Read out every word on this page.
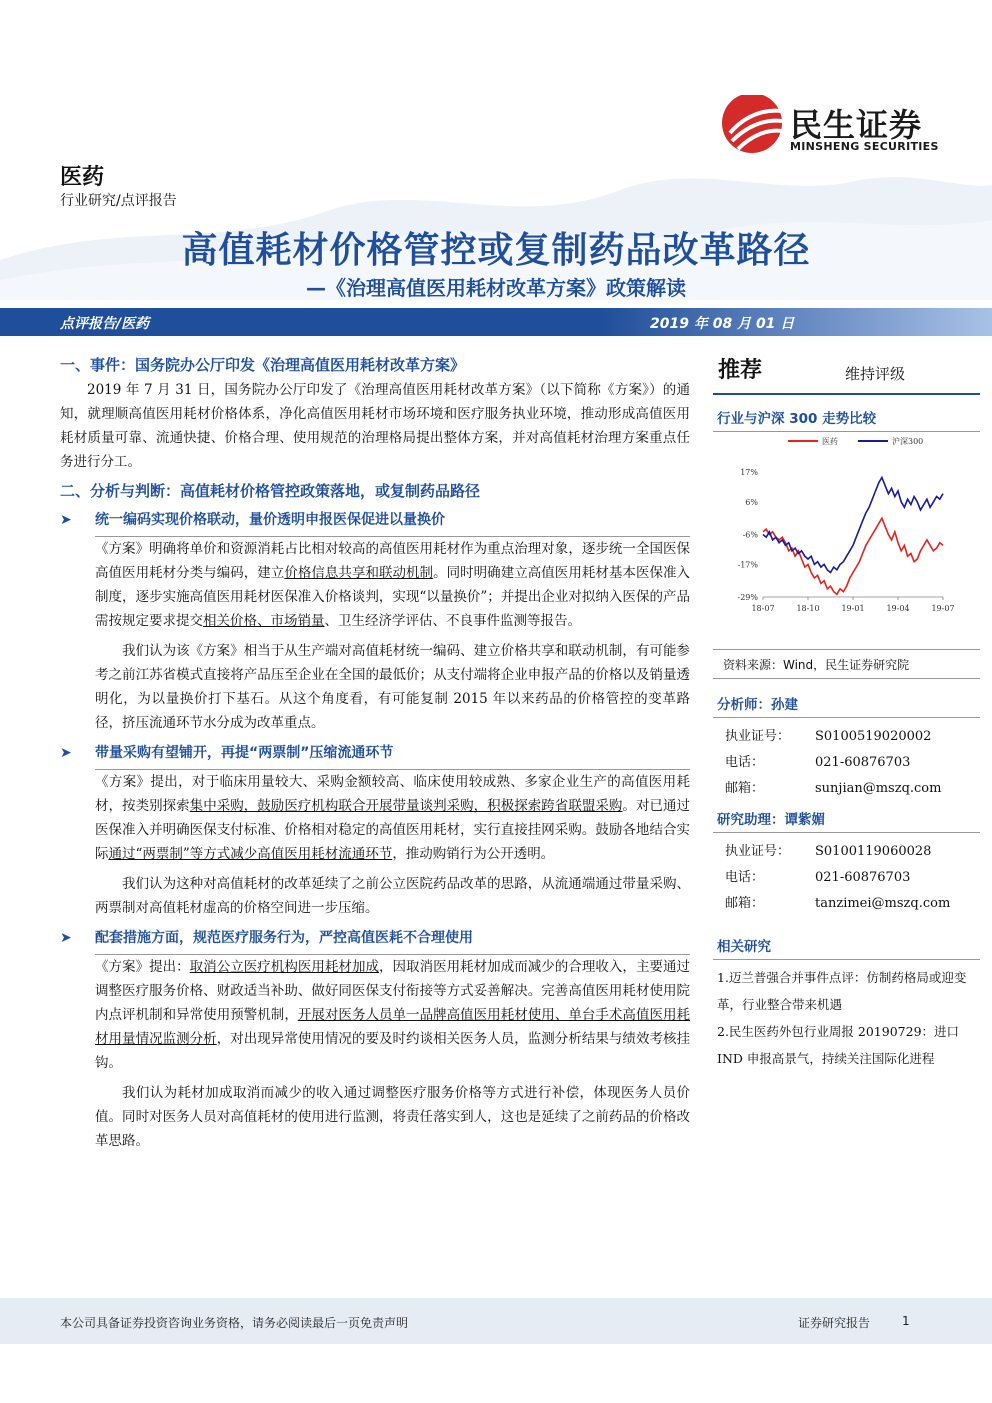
民生证券
MINSHENG SECURITIES
医药
行业研究/点评报告
高值耗材价格管控或复制药品改革路径
—《治理高值医用耗材改革方案》政策解读
点评报告/医药	2019 年 08 月 01 日
一、事件：国务院办公厅印发《治理高值医用耗材改革方案》
2019 年 7 月 31 日，国务院办公厅印发了《治理高值医用耗材改革方案》（以下简称《方案》）的通知，就理顺高值医用耗材价格体系，净化高值医用耗材市场环境和医疗服务执业环境，推动形成高值医用耗材质量可靠、流通快捷、价格合理、使用规范的治理格局提出整体方案，并对高值耗材治理方案重点任务进行分工。
二、分析与判断：高值耗材价格管控政策落地，或复制药品路径
➤ 统一编码实现价格联动，量价透明申报医保促进以量换价
《方案》明确将单价和资源消耗占比相对较高的高值医用耗材作为重点治理对象，逐步统一全国医保高值医用耗材分类与编码，建立价格信息共享和联动机制。同时明确建立高值医用耗材基本医保准入制度，逐步实施高值医用耗材医保准入价格谈判，实现“以量换价”；并提出企业对拟纳入医保的产品需按规定要求提交相关价格、市场销量、卫生经济学评估、不良事件监测等报告。
我们认为该《方案》相当于从生产端对高值耗材统一编码、建立价格共享和联动机制，有可能参考之前江苏省模式直接将产品压至企业在全国的最低价；从支付端将企业申报产品的价格以及销量透明化，为以量换价打下基石。从这个角度看，有可能复制 2015 年以来药品的价格管控的变革路径，挤压流通环节水分成为改革重点。
➤ 带量采购有望铺开，再提“两票制”压缩流通环节
《方案》提出，对于临床用量较大、采购金额较高、临床使用较成熟、多家企业生产的高值医用耗材，按类别探索集中采购，鼓励医疗机构联合开展带量谈判采购，积极探索跨省联盟采购。对已通过医保准入并明确医保支付标准、价格相对稳定的高值医用耗材，实行直接挂网采购。鼓励各地结合实际通过“两票制”等方式减少高值医用耗材流通环节，推动购销行为公开透明。
我们认为这种对高值耗材的改革延续了之前公立医院药品改革的思路，从流通端通过带量采购、两票制对高值耗材虚高的价格空间进一步压缩。
➤ 配套措施方面，规范医疗服务行为，严控高值医耗不合理使用
《方案》提出：取消公立医疗机构医用耗材加成，因取消医用耗材加成而减少的合理收入，主要通过调整医疗服务价格、财政适当补助、做好同医保支付衔接等方式妥善解决。完善高值医用耗材使用院内点评机制和异常使用预警机制，开展对医务人员单一品牌高值医用耗材使用、单台手术高值医用耗材用量情况监测分析，对出现异常使用情况的要及时约谈相关医务人员，监测分析结果与绩效考核挂钩。
我们认为耗材加成取消而减少的收入通过调整医疗服务价格等方式进行补偿，体现医务人员价值。同时对医务人员对高值耗材的使用进行监测，将责任落实到人，这也是延续了之前药品的价格改革思路。
推荐	维持评级
行业与沪深 300 走势比较
医药	沪深300
17%
6%
-6%
-17%
-29%
18-07	18-10	19-01	19-04	19-07
资料来源：Wind，民生证券研究院
分析师：孙建
执业证号：	S0100519020002
电话：	021-60876703
邮箱：	sunjian@mszq.com
研究助理：谭紫媚
执业证号：	S0100119060028
电话：	021-60876703
邮箱：	tanzimei@mszq.com
相关研究
1.迈兰普强合并事件点评：仿制药格局或迎变革，行业整合带来机遇
2.民生医药外包行业周报 20190729：进口 IND 申报高景气，持续关注国际化进程
本公司具备证券投资咨询业务资格，请务必阅读最后一页免责声明	证券研究报告	1
